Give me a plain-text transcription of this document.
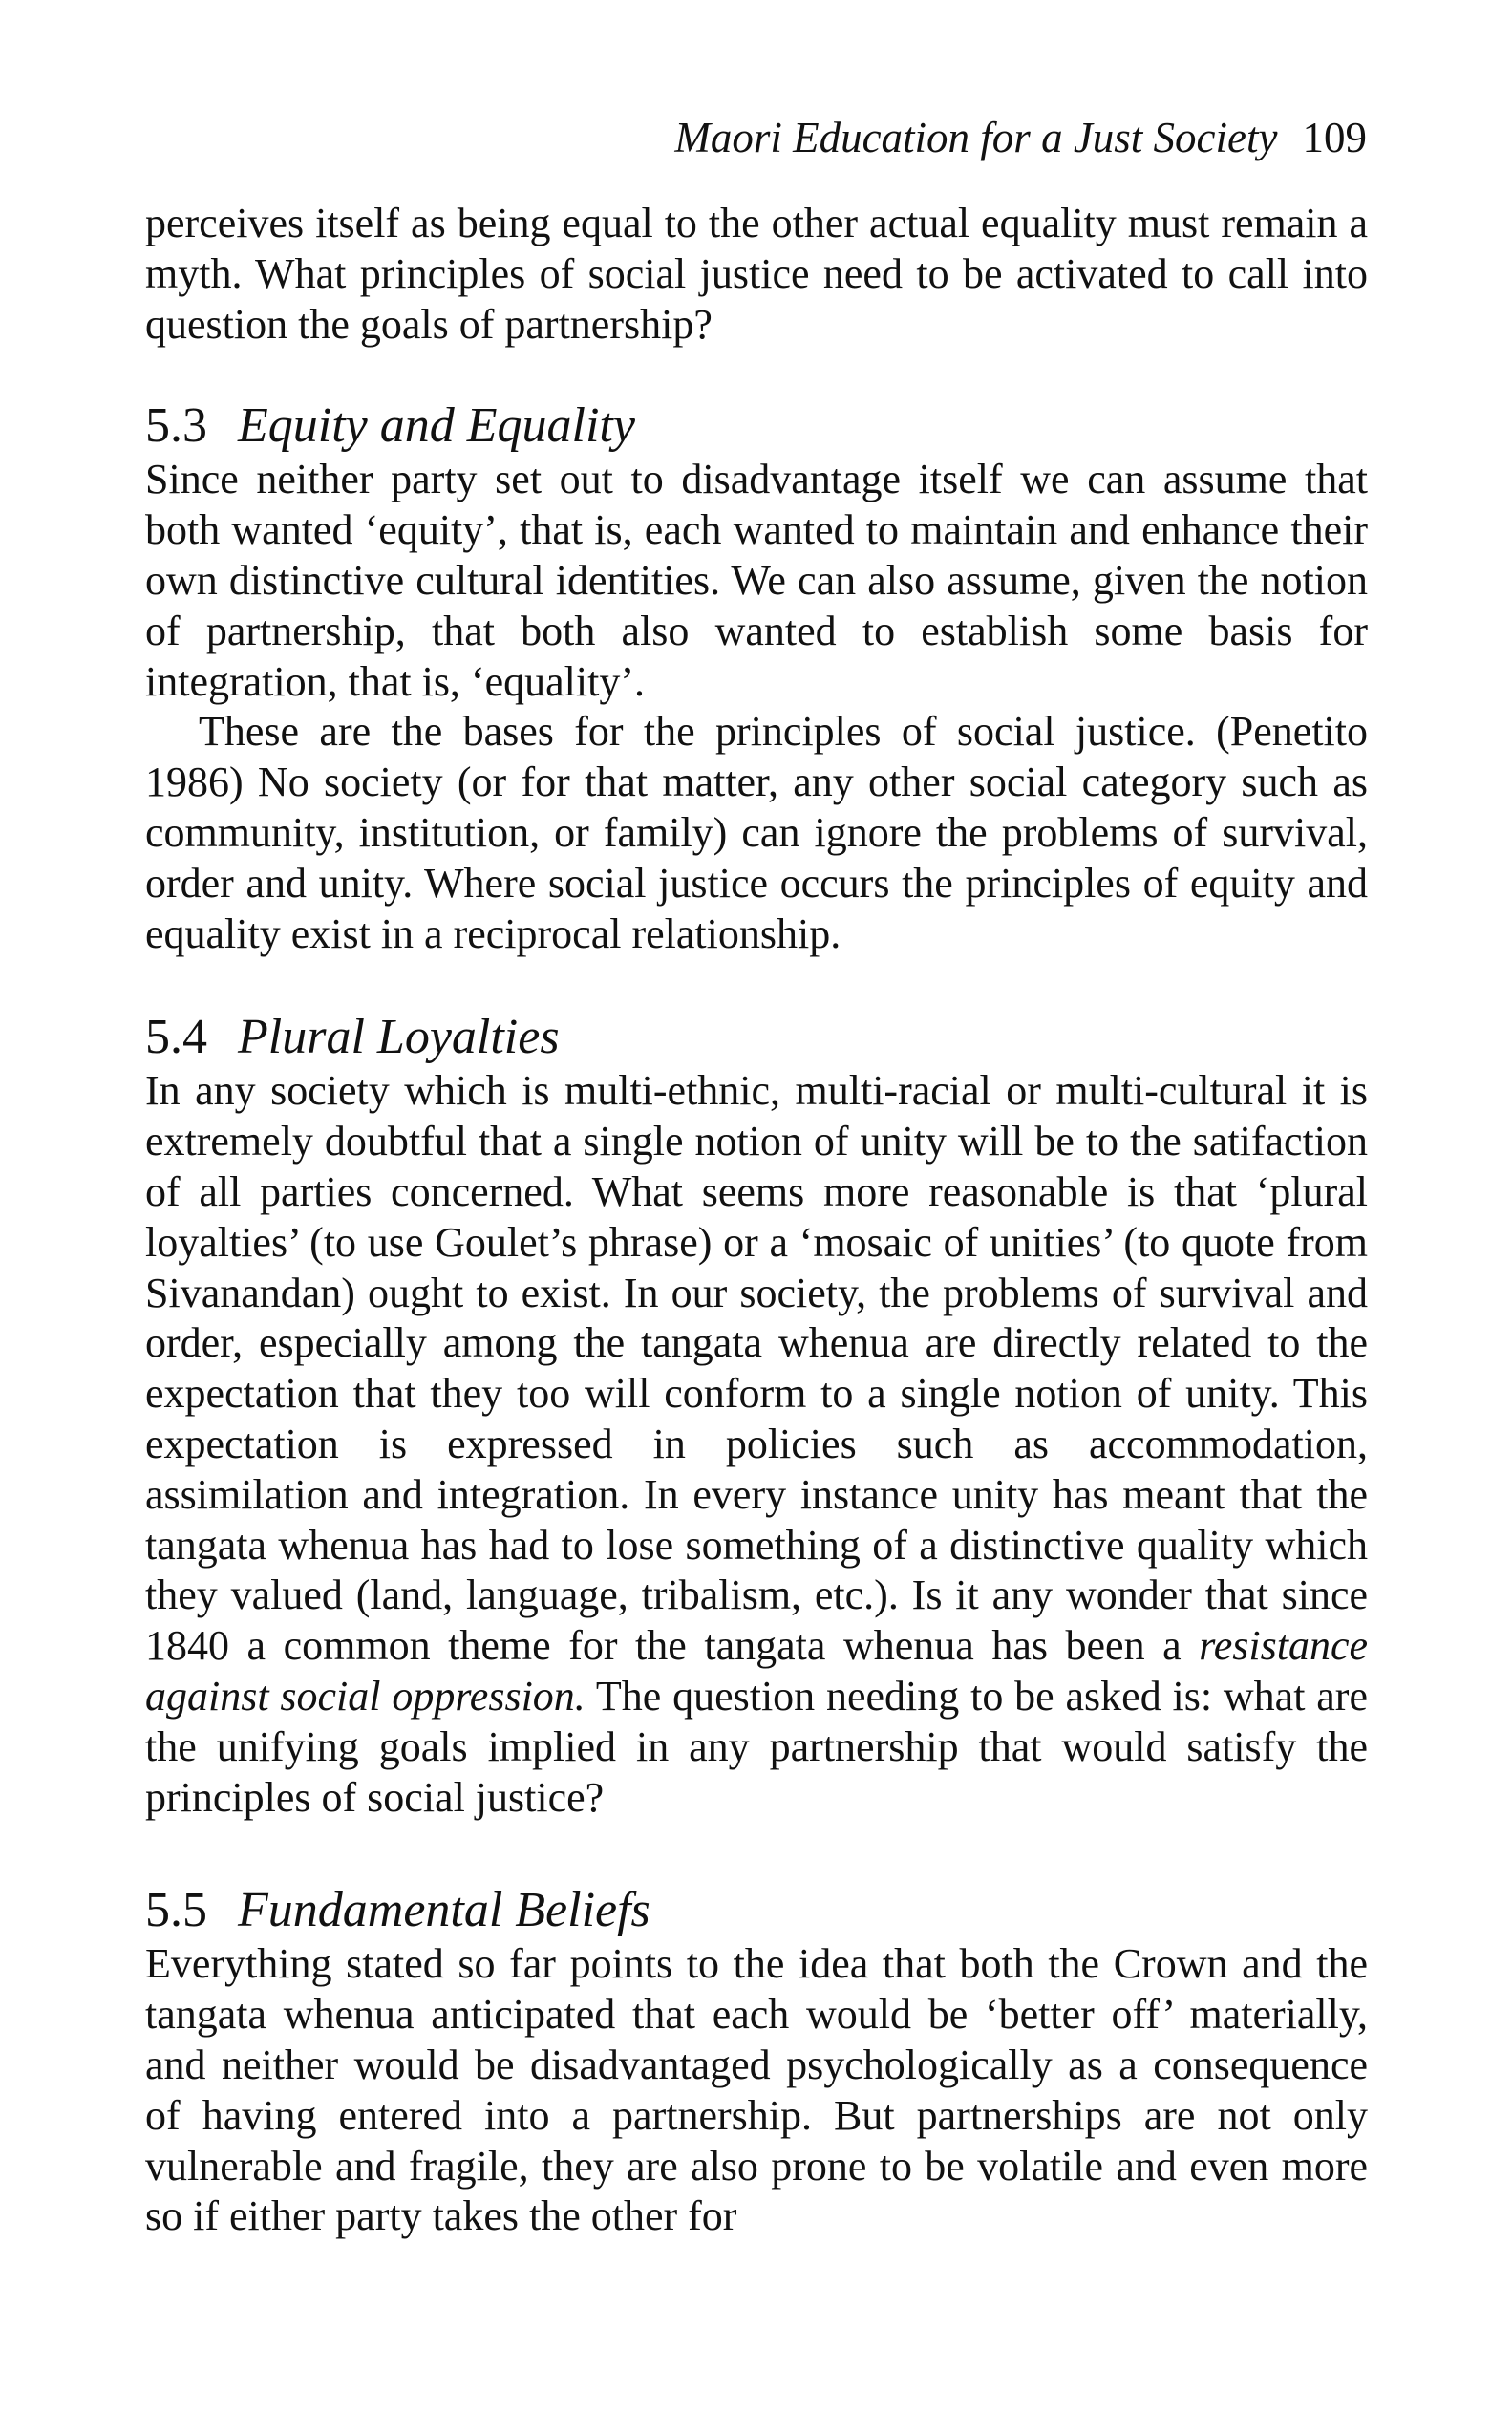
Maori Education for a Just Society 109

perceives itself as being equal to the other actual equality must remain a myth. What principles of social justice need to be activated to call into question the goals of partnership?

5.3 Equity and Equality

Since neither party set out to disadvantage itself we can assume that both wanted ‘equity’, that is, each wanted to maintain and enhance their own distinctive cultural identities. We can also assume, given the notion of partnership, that both also wanted to establish some basis for integration, that is, ‘equality’.

These are the bases for the principles of social justice. (Penetito 1986) No society (or for that matter, any other social category such as community, institution, or family) can ignore the problems of survival, order and unity. Where social justice occurs the principles of equity and equality exist in a reciprocal relationship.

5.4 Plural Loyalties

In any society which is multi-ethnic, multi-racial or multi-cultural it is extremely doubtful that a single notion of unity will be to the satifaction of all parties concerned. What seems more reasonable is that ‘plural loyalties’ (to use Goulet’s phrase) or a ‘mosaic of unities’ (to quote from Sivanandan) ought to exist. In our society, the problems of survival and order, especially among the tangata whenua are directly related to the expectation that they too will conform to a single notion of unity. This expectation is expressed in policies such as accommodation, assimilation and integration. In every instance unity has meant that the tangata whenua has had to lose something of a distinctive quality which they valued (land, language, tribalism, etc.). Is it any wonder that since 1840 a common theme for the tangata whenua has been a resistance against social oppression. The question needing to be asked is: what are the unifying goals implied in any partnership that would satisfy the principles of social justice?

5.5 Fundamental Beliefs

Everything stated so far points to the idea that both the Crown and the tangata whenua anticipated that each would be ‘better off’ materially, and neither would be disadvantaged psychologically as a consequence of having entered into a partnership. But partnerships are not only vulnerable and fragile, they are also prone to be volatile and even more so if either party takes the other for
